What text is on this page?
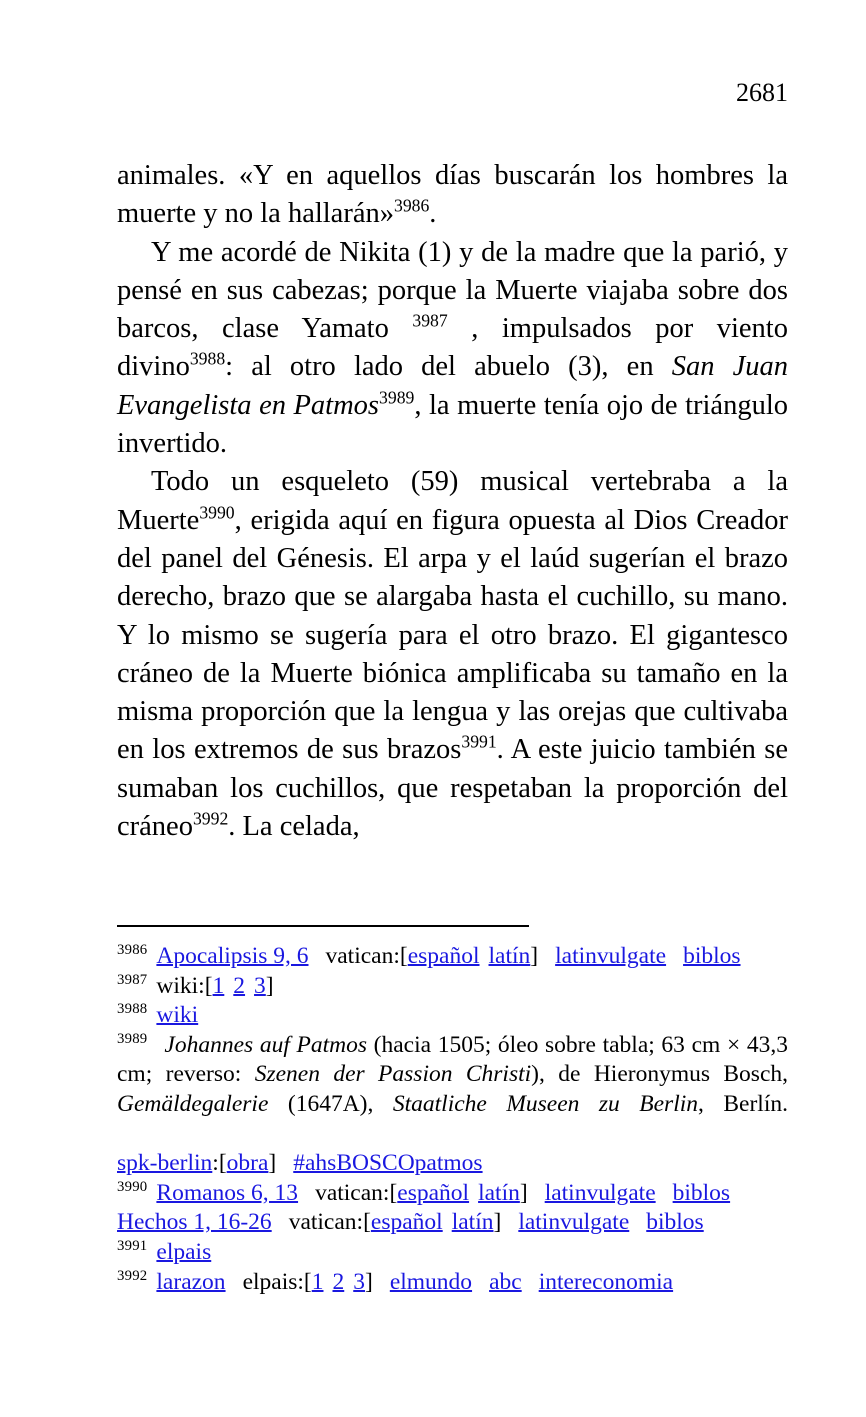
2681

animales. «Y en aquellos días buscarán los hombres la muerte y no la hallarán»$^{3986}$.

Y me acordé de Nikita (1) y de la madre que la parió, y pensé en sus cabezas; porque la Muerte viajaba sobre dos barcos, clase Yamato $^{3987}$ , impulsados por viento divino$^{3988}$: al otro lado del abuelo (3), en San Juan Evangelista en Patmos$^{3989}$, la muerte tenía ojo de triángulo invertido.

Todo un esqueleto (59) musical vertebraba a la Muerte$^{3990}$, erigida aquí en figura opuesta al Dios Creador del panel del Génesis. El arpa y el laúd sugerían el brazo derecho, brazo que se alargaba hasta el cuchillo, su mano. Y lo mismo se sugería para el otro brazo. El gigantesco cráneo de la Muerte biónica amplificaba su tamaño en la misma proporción que la lengua y las orejas que cultivaba en los extremos de sus brazos$^{3991}$. A este juicio también se sumaban los cuchillos, que respetaban la proporción del cráneo$^{3992}$. La celada,

$^{3986}$ Apocalipsis 9, 6 vatican:[español latín] latinvulgate biblos
$^{3987}$ wiki:[1 2 3]
$^{3988}$ wiki
$^{3989}$ Johannes auf Patmos (hacia 1505; óleo sobre tabla; 63 cm × 43,3 cm; reverso: Szenen der Passion Christi), de Hieronymus Bosch, Gemäldegalerie (1647A), Staatliche Museen zu Berlin, Berlín.
spk-berlin:[obra] #ahsBOSCOpatmos
$^{3990}$ Romanos 6, 13 vatican:[español latín] latinvulgate biblos
Hechos 1, 16-26 vatican:[español latín] latinvulgate biblos
$^{3991}$ elpais
$^{3992}$ larazon elpais:[1 2 3] elmundo abc intereconomia
